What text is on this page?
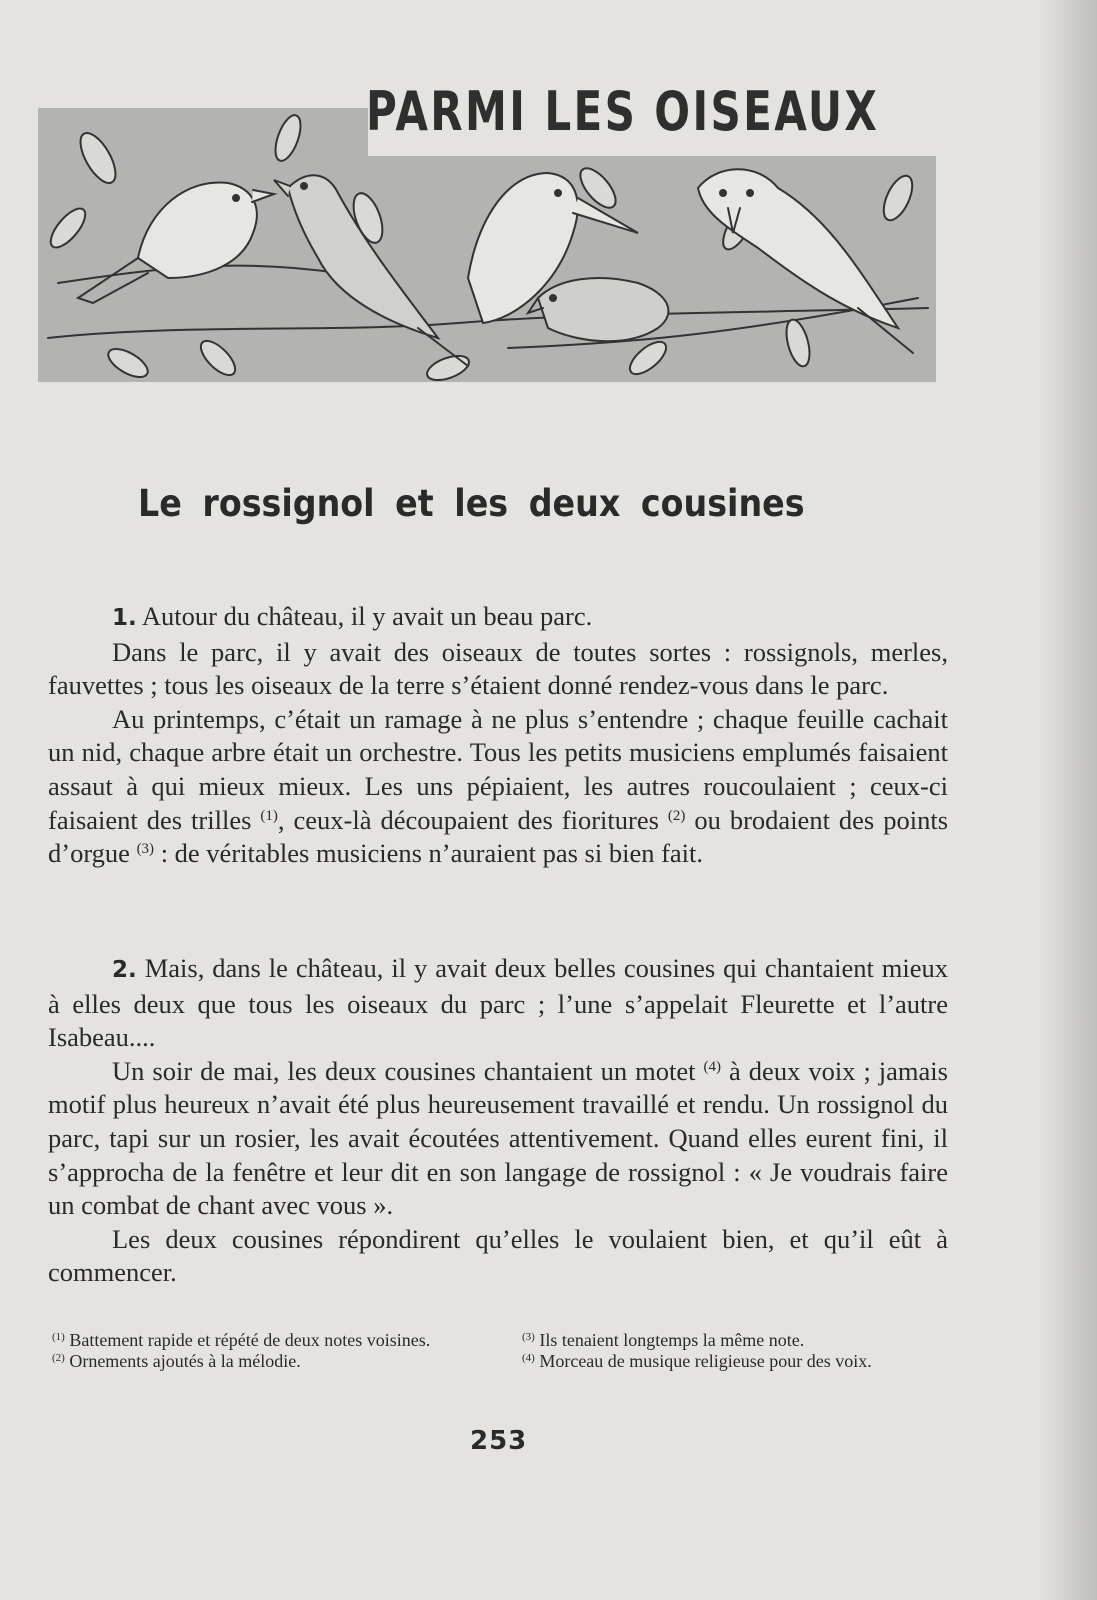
PARMI LES OISEAUX
Le rossignol et les deux cousines

1. Autour du château, il y avait un beau parc.

Dans le parc, il y avait des oiseaux de toutes sortes : rossignols, merles, fauvettes ; tous les oiseaux de la terre s’étaient donné rendez-vous dans le parc.

Au printemps, c’était un ramage à ne plus s’entendre ; chaque feuille cachait un nid, chaque arbre était un orchestre. Tous les petits musiciens emplumés faisaient assaut à qui mieux mieux. Les uns pépiaient, les autres roucoulaient ; ceux-ci faisaient des trilles $^{(1)}$, ceux-là découpaient des fioritures $^{(2)}$ ou brodaient des points d’orgue $^{(3)}$ : de véritables musiciens n’auraient pas si bien fait.

2. Mais, dans le château, il y avait deux belles cousines qui chantaient mieux à elles deux que tous les oiseaux du parc ; l’une s’appelait Fleurette et l’autre Isabeau....

Un soir de mai, les deux cousines chantaient un motet $^{(4)}$ à deux voix ; jamais motif plus heureux n’avait été plus heureusement travaillé et rendu. Un rossignol du parc, tapi sur un rosier, les avait écoutées attentivement. Quand elles eurent fini, il s’approcha de la fenêtre et leur dit en son langage de rossignol : « Je voudrais faire un combat de chant avec vous ».

Les deux cousines répondirent qu’elles le voulaient bien, et qu’il eût à commencer.

$^{(1)}$ Battement rapide et répété de deux notes voisines.
$^{(2)}$ Ornements ajoutés à la mélodie.
$^{(3)}$ Ils tenaient longtemps la même note.
$^{(4)}$ Morceau de musique religieuse pour des voix.
253
